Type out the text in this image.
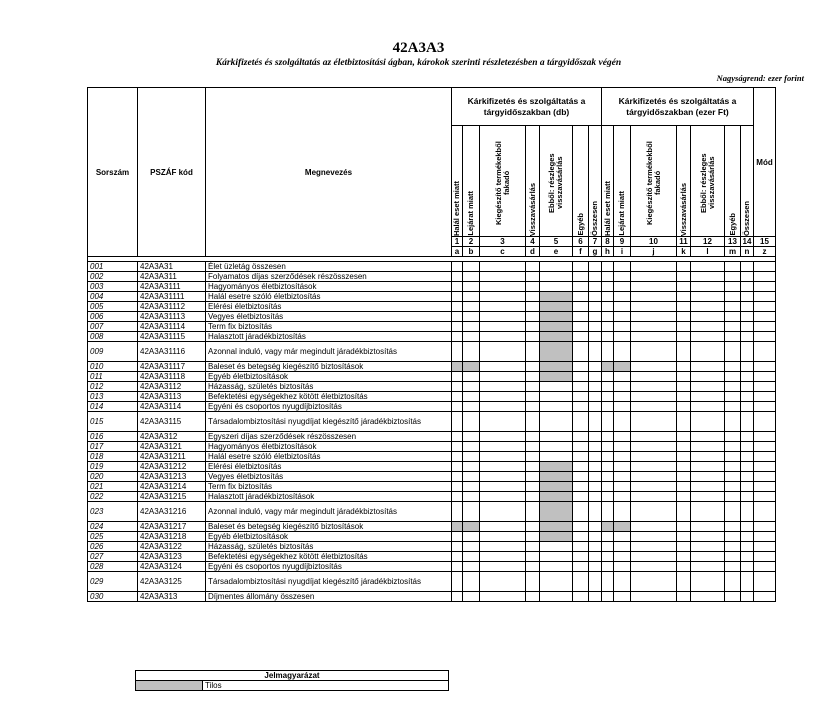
42A3A3
Kárkifizetés és szolgáltatás az életbiztosítási ágban, károkok szerinti részletezésben a tárgyidőszak végén
Nagyságrend: ezer forint
Sorszám	PSZÁF kód	Megnevezés	Kárkifizetés és szolgáltatás a tárgyidőszakban (db)							Kárkifizetés és szolgáltatás a tárgyidőszakban (ezer Ft)							Mód

			Halál eset miatt	Lejárat miatt	Kiegészítő termékekből fakadó	Visszavásárlás	Ebből: részleges visszavásárlás	Egyéb	Összesen	Halál eset miatt	Lejárat miatt	Kiegészítő termékekből fakadó	Visszavásárlás	Ebből: részleges visszavásárlás	Egyéb	Összesen	

			1	2	3	4	5	6	7	8	9	10	11	12	13	14	15
			a	b	c	d	e	f	g	h	i	j	k	l	m	n	z

001	42A3A31	Élet üzletág összesen															
002	42A3A311	Folyamatos díjas szerződések részösszesen															
003	42A3A3111	Hagyományos életbiztosítások															
004	42A3A31111	Halál esetre szóló életbiztosítás															
005	42A3A31112	Elérési életbiztosítás															
006	42A3A31113	Vegyes életbiztosítás															
007	42A3A31114	Term fix biztosítás															
008	42A3A31115	Halasztott járadékbiztosítás															
009	42A3A31116	Azonnal induló, vagy már megindult járadékbiztosítás															
010	42A3A31117	Baleset és betegség kiegészítő biztosítások															
011	42A3A31118	Egyéb életbiztosítások															
012	42A3A3112	Házasság, születés biztosítás															
013	42A3A3113	Befektetési egységekhez kötött életbiztosítás															
014	42A3A3114	Egyéni és csoportos nyugdíjbiztosítás															
015	42A3A3115	Társadalombiztosítási nyugdíjat kiegészítő járadékbiztosítás															
016	42A3A312	Egyszeri díjas szerződések részösszesen															
017	42A3A3121	Hagyományos életbiztosítások															
018	42A3A31211	Halál esetre szóló életbiztosítás															
019	42A3A31212	Elérési életbiztosítás															
020	42A3A31213	Vegyes életbiztosítás															
021	42A3A31214	Term fix biztosítás															
022	42A3A31215	Halasztott járadékbiztosítások															
023	42A3A31216	Azonnal induló, vagy már megindult járadékbiztosítás															
024	42A3A31217	Baleset és betegség kiegészítő biztosítások															
025	42A3A31218	Egyéb életbiztosítások															
026	42A3A3122	Házasság, születés biztosítás															
027	42A3A3123	Befektetési egységekhez kötött életbiztosítás															
028	42A3A3124	Egyéni és csoportos nyugdíjbiztosítás															
029	42A3A3125	Társadalombiztosítási nyugdíjat kiegészítő járadékbiztosítás															
030	42A3A313	Díjmentes állomány összesen															
Jelmagyarázat
	Tilos
